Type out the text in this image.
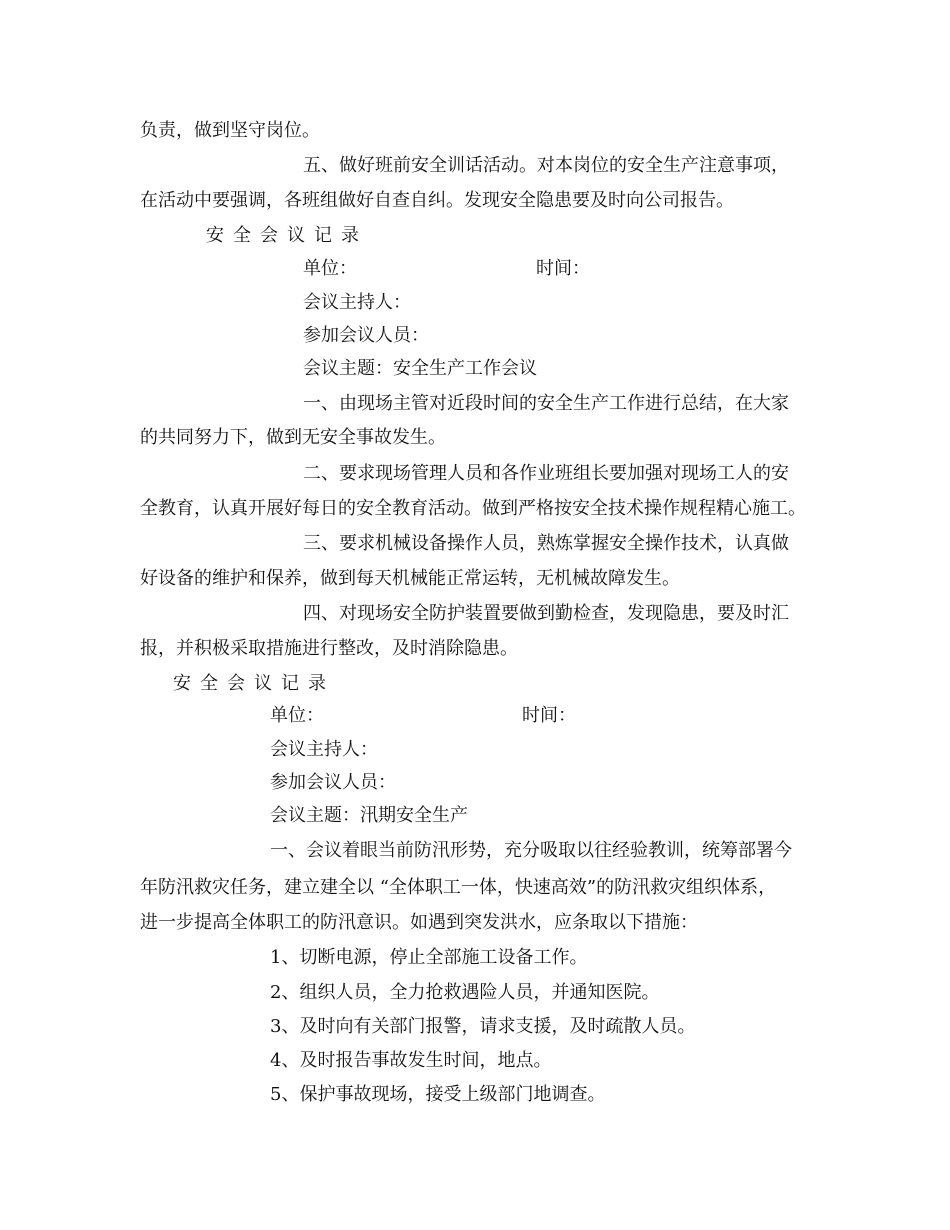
负责，做到坚守岗位。
五、做好班前安全训话活动。对本岗位的安全生产注意事项，
在活动中要强调，各班组做好自查自纠。发现安全隐患要及时向公司报告。
安全会议记录
单位：	时间：
会议主持人：
参加会议人员：
会议主题：安全生产工作会议
一、由现场主管对近段时间的安全生产工作进行总结，在大家
的共同努力下，做到无安全事故发生。
二、要求现场管理人员和各作业班组长要加强对现场工人的安
全教育，认真开展好每日的安全教育活动。做到严格按安全技术操作规程精心施工。
三、要求机械设备操作人员，熟炼掌握安全操作技术，认真做
好设备的维护和保养，做到每天机械能正常运转，无机械故障发生。
四、对现场安全防护装置要做到勤检查，发现隐患，要及时汇
报，并积极采取措施进行整改，及时消除隐患。
安全会议记录
单位：	时间：
会议主持人：
参加会议人员：
会议主题：汛期安全生产
一、会议着眼当前防汛形势，充分吸取以往经验教训，统筹部署今
年防汛救灾任务，建立建全以 “全体职工一体，快速高效”的防汛救灾组织体系，
进一步提高全体职工的防汛意识。如遇到突发洪水，应条取以下措施：
1、切断电源，停止全部施工设备工作。
2、组织人员，全力抢救遇险人员，并通知医院。
3、及时向有关部门报警，请求支援，及时疏散人员。
4、及时报告事故发生时间，地点。
5、保护事故现场，接受上级部门地调查。
